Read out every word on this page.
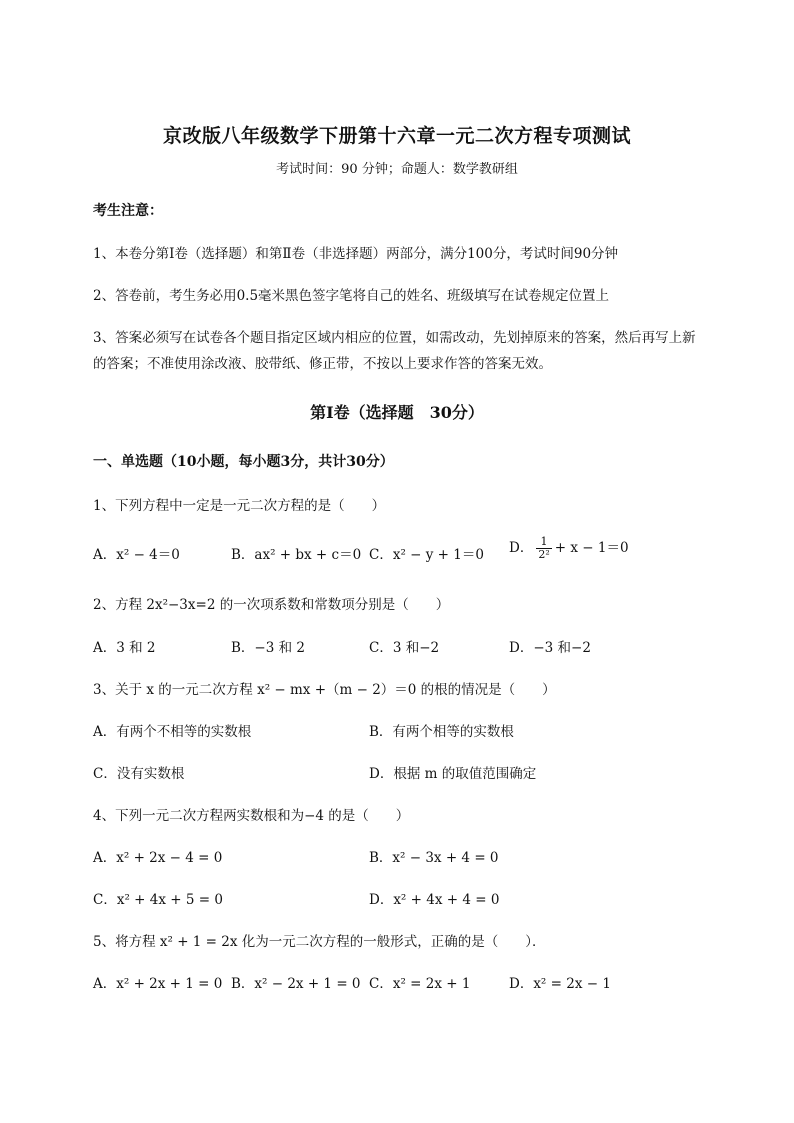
京改版八年级数学下册第十六章一元二次方程专项测试
考试时间：90 分钟；命题人：数学教研组
考生注意：
1、本卷分第Ⅰ卷（选择题）和第Ⅱ卷（非选择题）两部分，满分100分，考试时间90分钟
2、答卷前，考生务必用0.5毫米黑色签字笔将自己的姓名、班级填写在试卷规定位置上
3、答案必须写在试卷各个题目指定区域内相应的位置，如需改动，先划掉原来的答案，然后再写上新
的答案；不准使用涂改液、胶带纸、修正带，不按以上要求作答的答案无效。
第Ⅰ卷（选择题　30分）
一、单选题（10小题，每小题3分，共计30分）
1、下列方程中一定是一元二次方程的是（　　）
A．x² − 4＝0	B．ax² + bx + c＝0 C．x² − y + 1＝0 D． $\frac{1}{\text{2²}} + x - 1=0$
2、方程 2x²−3x=2 的一次项系数和常数项分别是（　　）
A．3 和 2	B．−3 和 2	C．3 和−2	D．−3 和−2
3、关于 x 的一元二次方程 x² − mx +（m − 2）＝0 的根的情况是（　　）
A．有两个不相等的实数根	B．有两个相等的实数根
C．没有实数根	D．根据 m 的取值范围确定
4、下列一元二次方程两实数根和为−4 的是（　　）
A．x² + 2x − 4 = 0	B．x² − 3x + 4 = 0
C．x² + 4x + 5 = 0	D．x² + 4x + 4 = 0
5、将方程 x² + 1 = 2x 化为一元二次方程的一般形式，正确的是（　　）．
A．x² + 2x + 1 = 0 B．x² − 2x + 1 = 0 C．x² = 2x + 1	D．x² = 2x − 1
